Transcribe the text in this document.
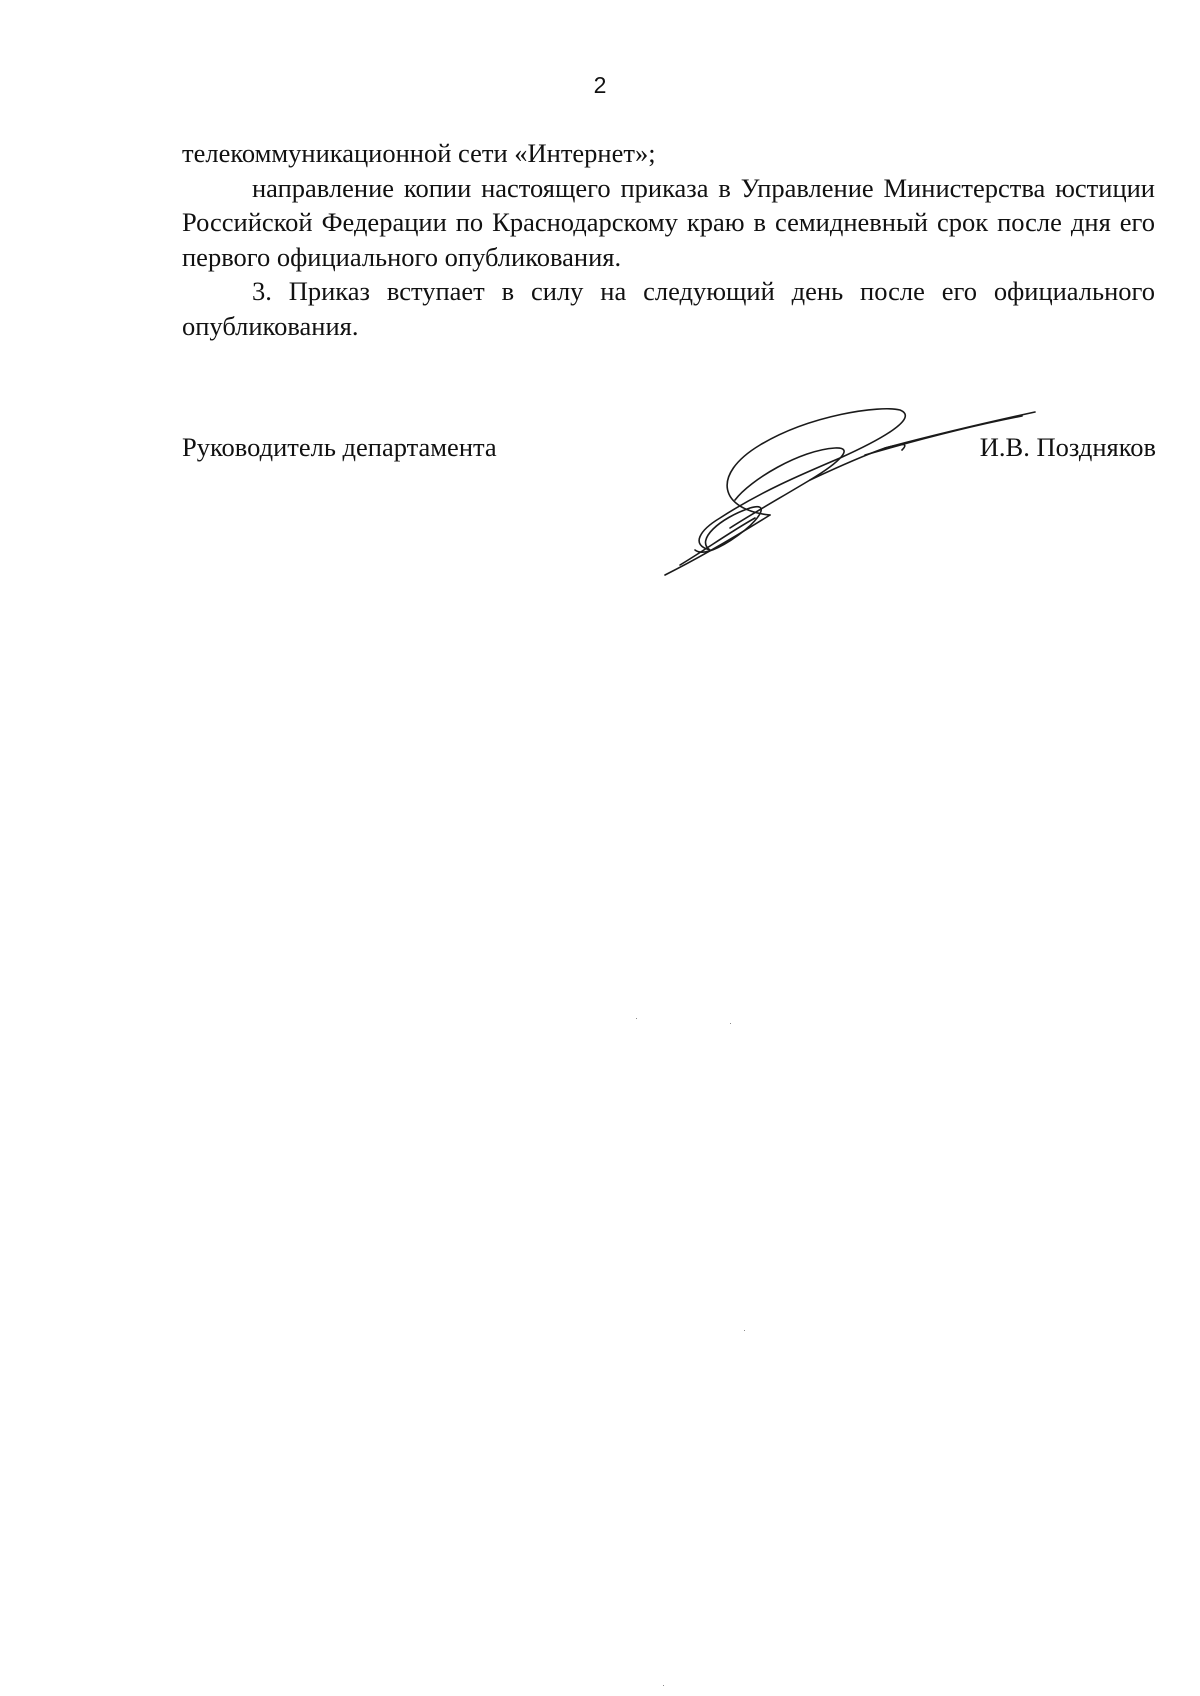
2

телекоммуникационной сети «Интернет»;

направление копии настоящего приказа в Управление Министерства юстиции Российской Федерации по Краснодарскому краю в семидневный срок после дня его первого официального опубликования.

3. Приказ вступает в силу на следующий день после его официального опубликования.

Руководитель департамента	И.В. Поздняков
